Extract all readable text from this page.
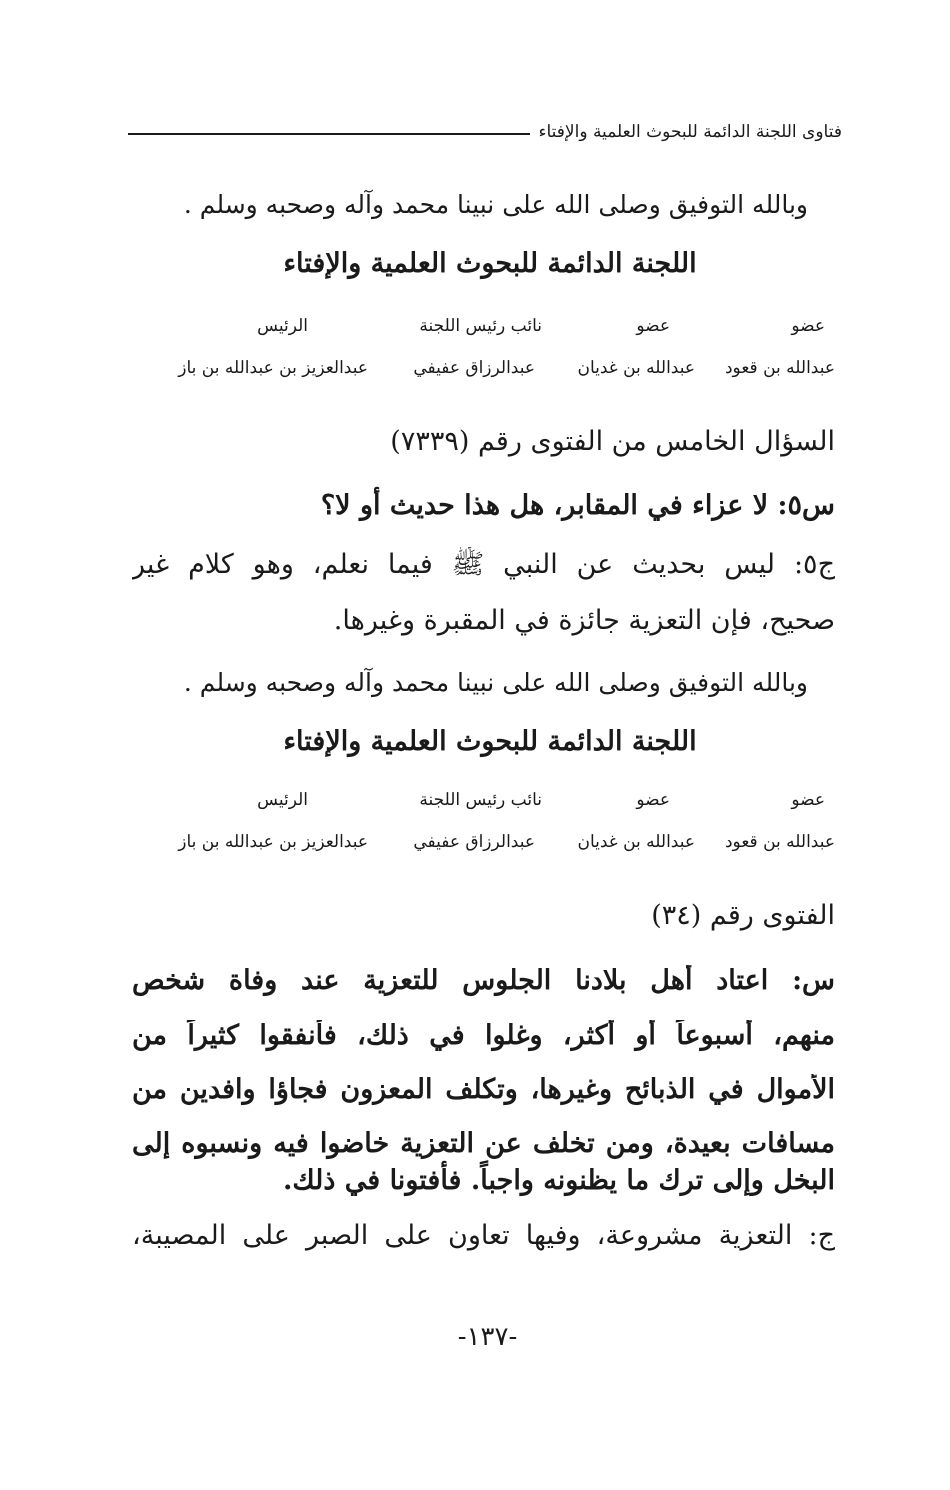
فتاوى اللجنة الدائمة للبحوث العلمية والإفتاء
وبالله التوفيق وصلى الله على نبينا محمد وآله وصحبه وسلم .
اللجنة الدائمة للبحوث العلمية والإفتاء
عضو
عضو
نائب رئيس اللجنة
الرئيس
عبدالله بن قعود
عبدالله بن غديان
عبدالرزاق عفيفي
عبدالعزيز بن عبدالله بن باز
السؤال الخامس من الفتوى رقم (٧٣٣٩)
س٥: لا عزاء في المقابر، هل هذا حديث أو لا؟
ج٥: ليس بحديث عن النبي ﷺ فيما نعلم، وهو كلام غير
صحيح، فإن التعزية جائزة في المقبرة وغيرها.
وبالله التوفيق وصلى الله على نبينا محمد وآله وصحبه وسلم .
اللجنة الدائمة للبحوث العلمية والإفتاء
عضو
عضو
نائب رئيس اللجنة
الرئيس
عبدالله بن قعود
عبدالله بن غديان
عبدالرزاق عفيفي
عبدالعزيز بن عبدالله بن باز
الفتوى رقم (٣٤)
س: اعتاد أهل بلادنا الجلوس للتعزية عند وفاة شخص
منهم، أسبوعاً أو أكثر، وغلوا في ذلك، فأنفقوا كثيراً من
الأموال في الذبائح وغيرها، وتكلف المعزون فجاؤا وافدين من
مسافات بعيدة، ومن تخلف عن التعزية خاضوا فيه ونسبوه إلى
البخل وإلى ترك ما يظنونه واجباً. فأفتونا في ذلك.
ج: التعزية مشروعة، وفيها تعاون على الصبر على المصيبة،
-١٣٧-
